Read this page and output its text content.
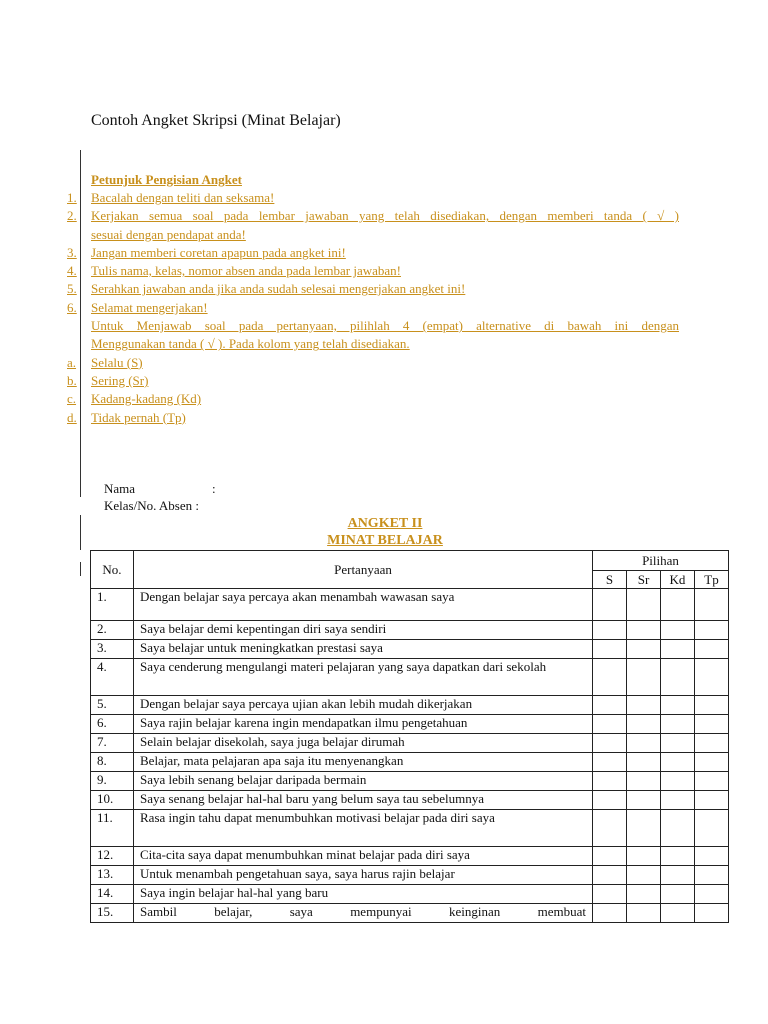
Contoh Angket Skripsi (Minat Belajar)
Petunjuk Pengisian Angket
1.	Bacalah dengan teliti dan seksama!
2.	Kerjakan semua soal pada lembar jawaban yang telah disediakan, dengan memberi tanda ( √ )
sesuai dengan pendapat anda!
3.	Jangan memberi coretan apapun pada angket ini!
4.	Tulis nama, kelas, nomor absen anda pada lembar jawaban!
5.	Serahkan jawaban anda jika anda sudah selesai mengerjakan angket ini!
6.	Selamat mengerjakan!
Untuk Menjawab soal pada pertanyaan, pilihlah 4 (empat) alternative di bawah ini dengan
Menggunakan tanda ( √ ). Pada kolom yang telah disediakan.
a.	Selalu (S)
b.	Sering (Sr)
c.	Kadang-kadang (Kd)
d.	Tidak pernah (Tp)
Nama	:
Kelas/No. Absen :
ANGKET II
MINAT BELAJAR
No.	Pertanyaan	Pilihan			
		S	Sr	Kd	Tp
1.	Dengan belajar saya percaya akan menambah wawasan saya				
2.	Saya belajar demi kepentingan diri saya sendiri				
3.	Saya belajar untuk meningkatkan prestasi saya				
4.	Saya cenderung mengulangi materi pelajaran yang saya dapatkan dari sekolah				
5.	Dengan belajar saya percaya ujian akan lebih mudah dikerjakan				
6.	Saya rajin belajar karena ingin mendapatkan ilmu pengetahuan				
7.	Selain belajar disekolah, saya juga belajar dirumah				
8.	Belajar, mata pelajaran apa saja itu menyenangkan				
9.	Saya lebih senang belajar daripada bermain				
10.	Saya senang belajar hal-hal baru yang belum saya tau sebelumnya				
11.	Rasa ingin tahu dapat menumbuhkan motivasi belajar pada diri saya				
12.	Cita-cita saya dapat menumbuhkan minat belajar pada diri saya				
13.	Untuk menambah pengetahuan saya, saya harus rajin belajar				
14.	Saya ingin belajar hal-hal yang baru				
15.	Sambil belajar, saya mempunyai keinginan membuat				
